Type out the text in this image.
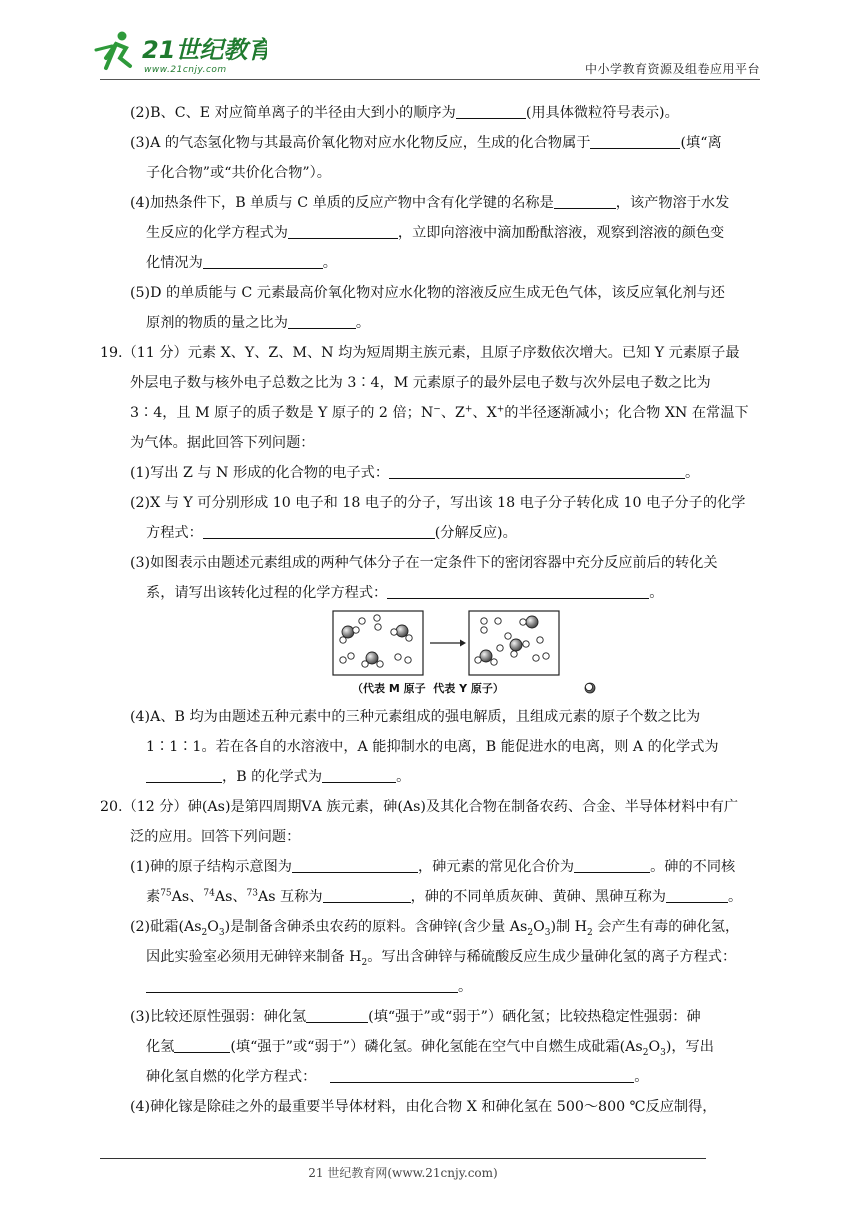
21世纪教育
www.21cnjy.com	中小学教育资源及组卷应用平台
(2)B、C、E 对应简单离子的半径由大到小的顺序为	(用具体微粒符号表示)。
(3)A 的气态氢化物与其最高价氧化物对应水化物反应，生成的化合物属于	(填“离
子化合物”或“共价化合物”）。
(4)加热条件下，B 单质与 C 单质的反应产物中含有化学键的名称是	，该产物溶于水发
生反应的化学方程式为	，立即向溶液中滴加酚酞溶液，观察到溶液的颜色变
化情况为	。
(5)D 的单质能与 C 元素最高价氧化物对应水化物的溶液反应生成无色气体，该反应氧化剂与还
原剂的物质的量之比为	。
19.（11 分）元素 X、Y、Z、M、N 均为短周期主族元素，且原子序数依次增大。已知 Y 元素原子最
外层电子数与核外电子总数之比为 3∶4，M 元素原子的最外层电子数与次外层电子数之比为
3∶4，且 M 原子的质子数是 Y 原子的 2 倍；N−、Z+、X+的半径逐渐减小；化合物 XN 在常温下
为气体。据此回答下列问题：
(1)写出 Z 与 N 形成的化合物的电子式：	。
(2)X 与 Y 可分别形成 10 电子和 18 电子的分子，写出该 18 电子分子转化成 10 电子分子的化学
方程式：	(分解反应)。
(3)如图表示由题述元素组成的两种气体分子在一定条件下的密闭容器中充分反应前后的转化关
系，请写出该转化过程的化学方程式：	。
（
代表 M 原子 代表 Y 原子）
(4)A、B 均为由题述五种元素中的三种元素组成的强电解质，且组成元素的原子个数之比为
1∶1∶1。若在各自的水溶液中，A 能抑制水的电离，B 能促进水的电离，则 A 的化学式为
，B 的化学式为	。
20.（12 分）砷(As)是第四周期ⅤA 族元素，砷(As)及其化合物在制备农药、合金、半导体材料中有广
泛的应用。回答下列问题：
(1)砷的原子结构示意图为	，砷元素的常见化合价为	。砷的不同核
素$^{75}$As、$^{74}$As、$^{73}$As 互称为	，砷的不同单质灰砷、黄砷、黑砷互称为	。
(2)砒霜$(As_2O_3)$是制备含砷杀虫农药的原料。含砷锌(含少量 $As_2O_3$)制 $H_2$ 会产生有毒的砷化氢，
因此实验室必须用无砷锌来制备 $H_2$。写出含砷锌与稀硫酸反应生成少量砷化氢的离子方程式：
。
(3)比较还原性强弱：砷化氢	(填“强于”或“弱于”）硒化氢；比较热稳定性强弱：砷
化氢	(填“强于”或“弱于”）磷化氢。砷化氢能在空气中自燃生成砒霜$(As_2O_3)$，写出
砷化氢自燃的化学方程式：	。
(4)砷化镓是除硅之外的最重要半导体材料，由化合物 X 和砷化氢在 500～800 ℃反应制得，
21 世纪教育网(www.21cnjy.com)
